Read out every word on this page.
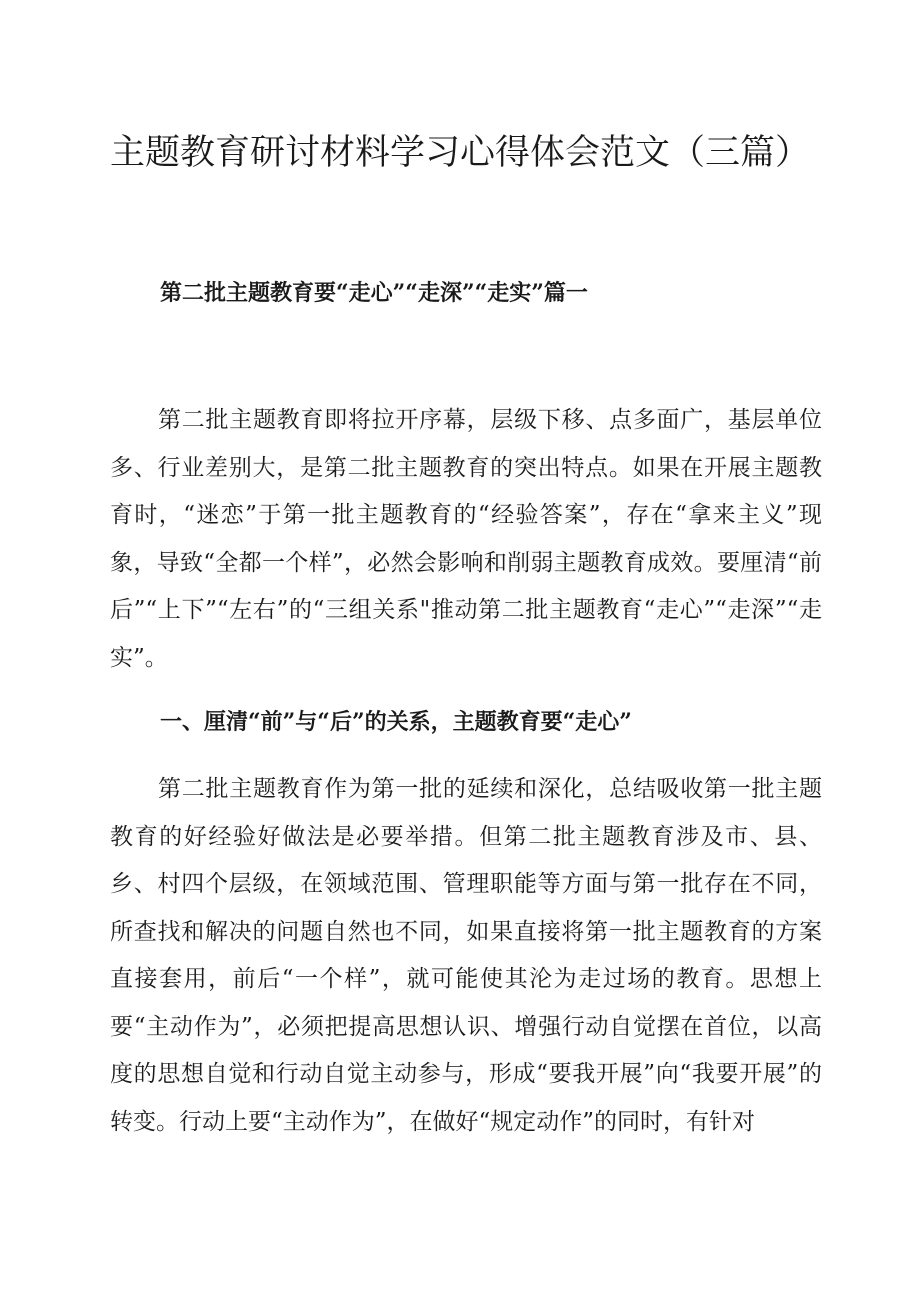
主题教育研讨材料学习心得体会范文（三篇）
第二批主题教育要“走心”“走深”“走实”篇一

第二批主题教育即将拉开序幕，层级下移、点多面广，基层单位多、行业差别大，是第二批主题教育的突出特点。如果在开展主题教育时，“迷恋”于第一批主题教育的“经验答案”，存在“拿来主义”现象，导致“全都一个样”，必然会影响和削弱主题教育成效。要厘清“前后”“上下”“左右”的“三组关系"推动第二批主题教育“走心”“走深”“走实”。

一、厘清“前”与“后”的关系，主题教育要“走心”

第二批主题教育作为第一批的延续和深化，总结吸收第一批主题教育的好经验好做法是必要举措。但第二批主题教育涉及市、县、乡、村四个层级，在领域范围、管理职能等方面与第一批存在不同，所查找和解决的问题自然也不同，如果直接将第一批主题教育的方案直接套用，前后“一个样”，就可能使其沦为走过场的教育。思想上要“主动作为”，必须把提高思想认识、增强行动自觉摆在首位，以高度的思想自觉和行动自觉主动参与，形成“要我开展”向“我要开展”的转变。行动上要“主动作为”，在做好“规定动作”的同时，有针对
